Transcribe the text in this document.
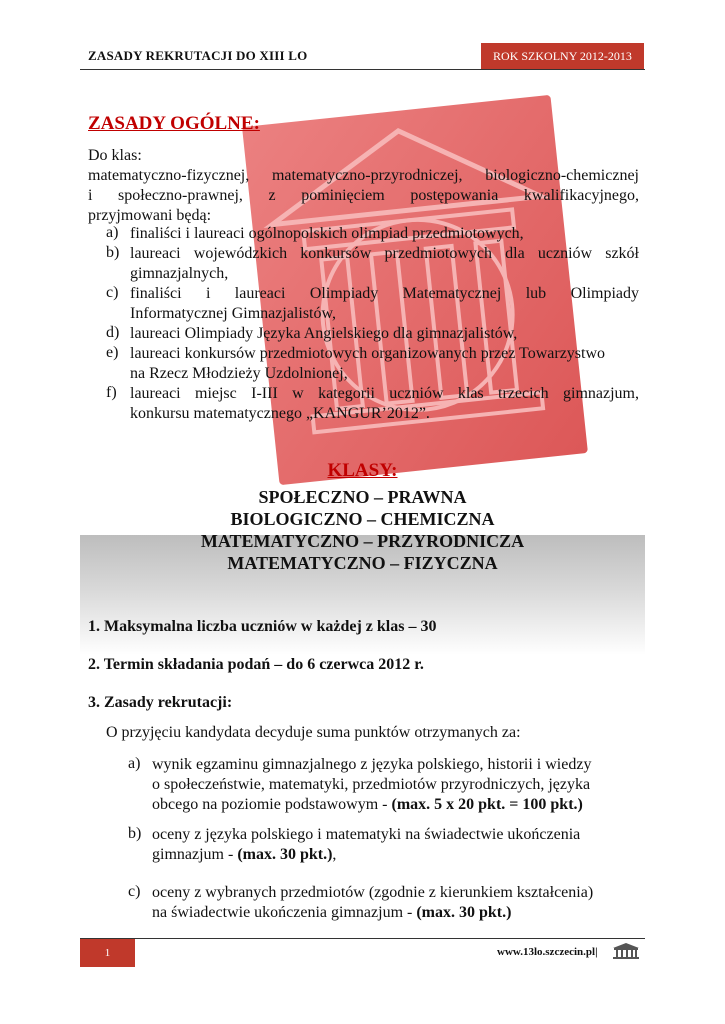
ZASADY REKRUTACJI DO XIII LO	ROK SZKOLNY 2012-2013
ZASADY OGÓLNE:
Do klas:
matematyczno-fizycznej, matematyczno-przyrodniczej, biologiczno-chemicznej
i społeczno-prawnej, z pominięciem postępowania kwalifikacyjnego,
przyjmowani będą:
a) finaliści i laureaci ogólnopolskich olimpiad przedmiotowych,
b) laureaci wojewódzkich konkursów przedmiotowych dla uczniów szkół
gimnazjalnych,
c) finaliści i laureaci Olimpiady Matematycznej lub Olimpiady
Informatycznej Gimnazjalistów,
d) laureaci Olimpiady Języka Angielskiego dla gimnazjalistów,
e) laureaci konkursów przedmiotowych organizowanych przez Towarzystwo
na Rzecz Młodzieży Uzdolnionej,
f) laureaci miejsc I-III w kategorii uczniów klas trzecich gimnazjum,
konkursu matematycznego „KANGUR’2012”.
KLASY:
SPOŁECZNO – PRAWNA
BIOLOGICZNO – CHEMICZNA
MATEMATYCZNO – PRZYRODNICZA
MATEMATYCZNO – FIZYCZNA
1. Maksymalna liczba uczniów w każdej z klas – 30
2. Termin składania podań – do 6 czerwca 2012 r.
3. Zasady rekrutacji:
O przyjęciu kandydata decyduje suma punktów otrzymanych za:
a) wynik egzaminu gimnazjalnego z języka polskiego, historii i wiedzy
o społeczeństwie, matematyki, przedmiotów przyrodniczych, języka
obcego na poziomie podstawowym - (max. 5 x 20 pkt. = 100 pkt.)
b) oceny z języka polskiego i matematyki na świadectwie ukończenia
gimnazjum - (max. 30 pkt.),
c) oceny z wybranych przedmiotów (zgodnie z kierunkiem kształcenia)
na świadectwie ukończenia gimnazjum - (max. 30 pkt.)
1	www.13lo.szczecin.pl|
